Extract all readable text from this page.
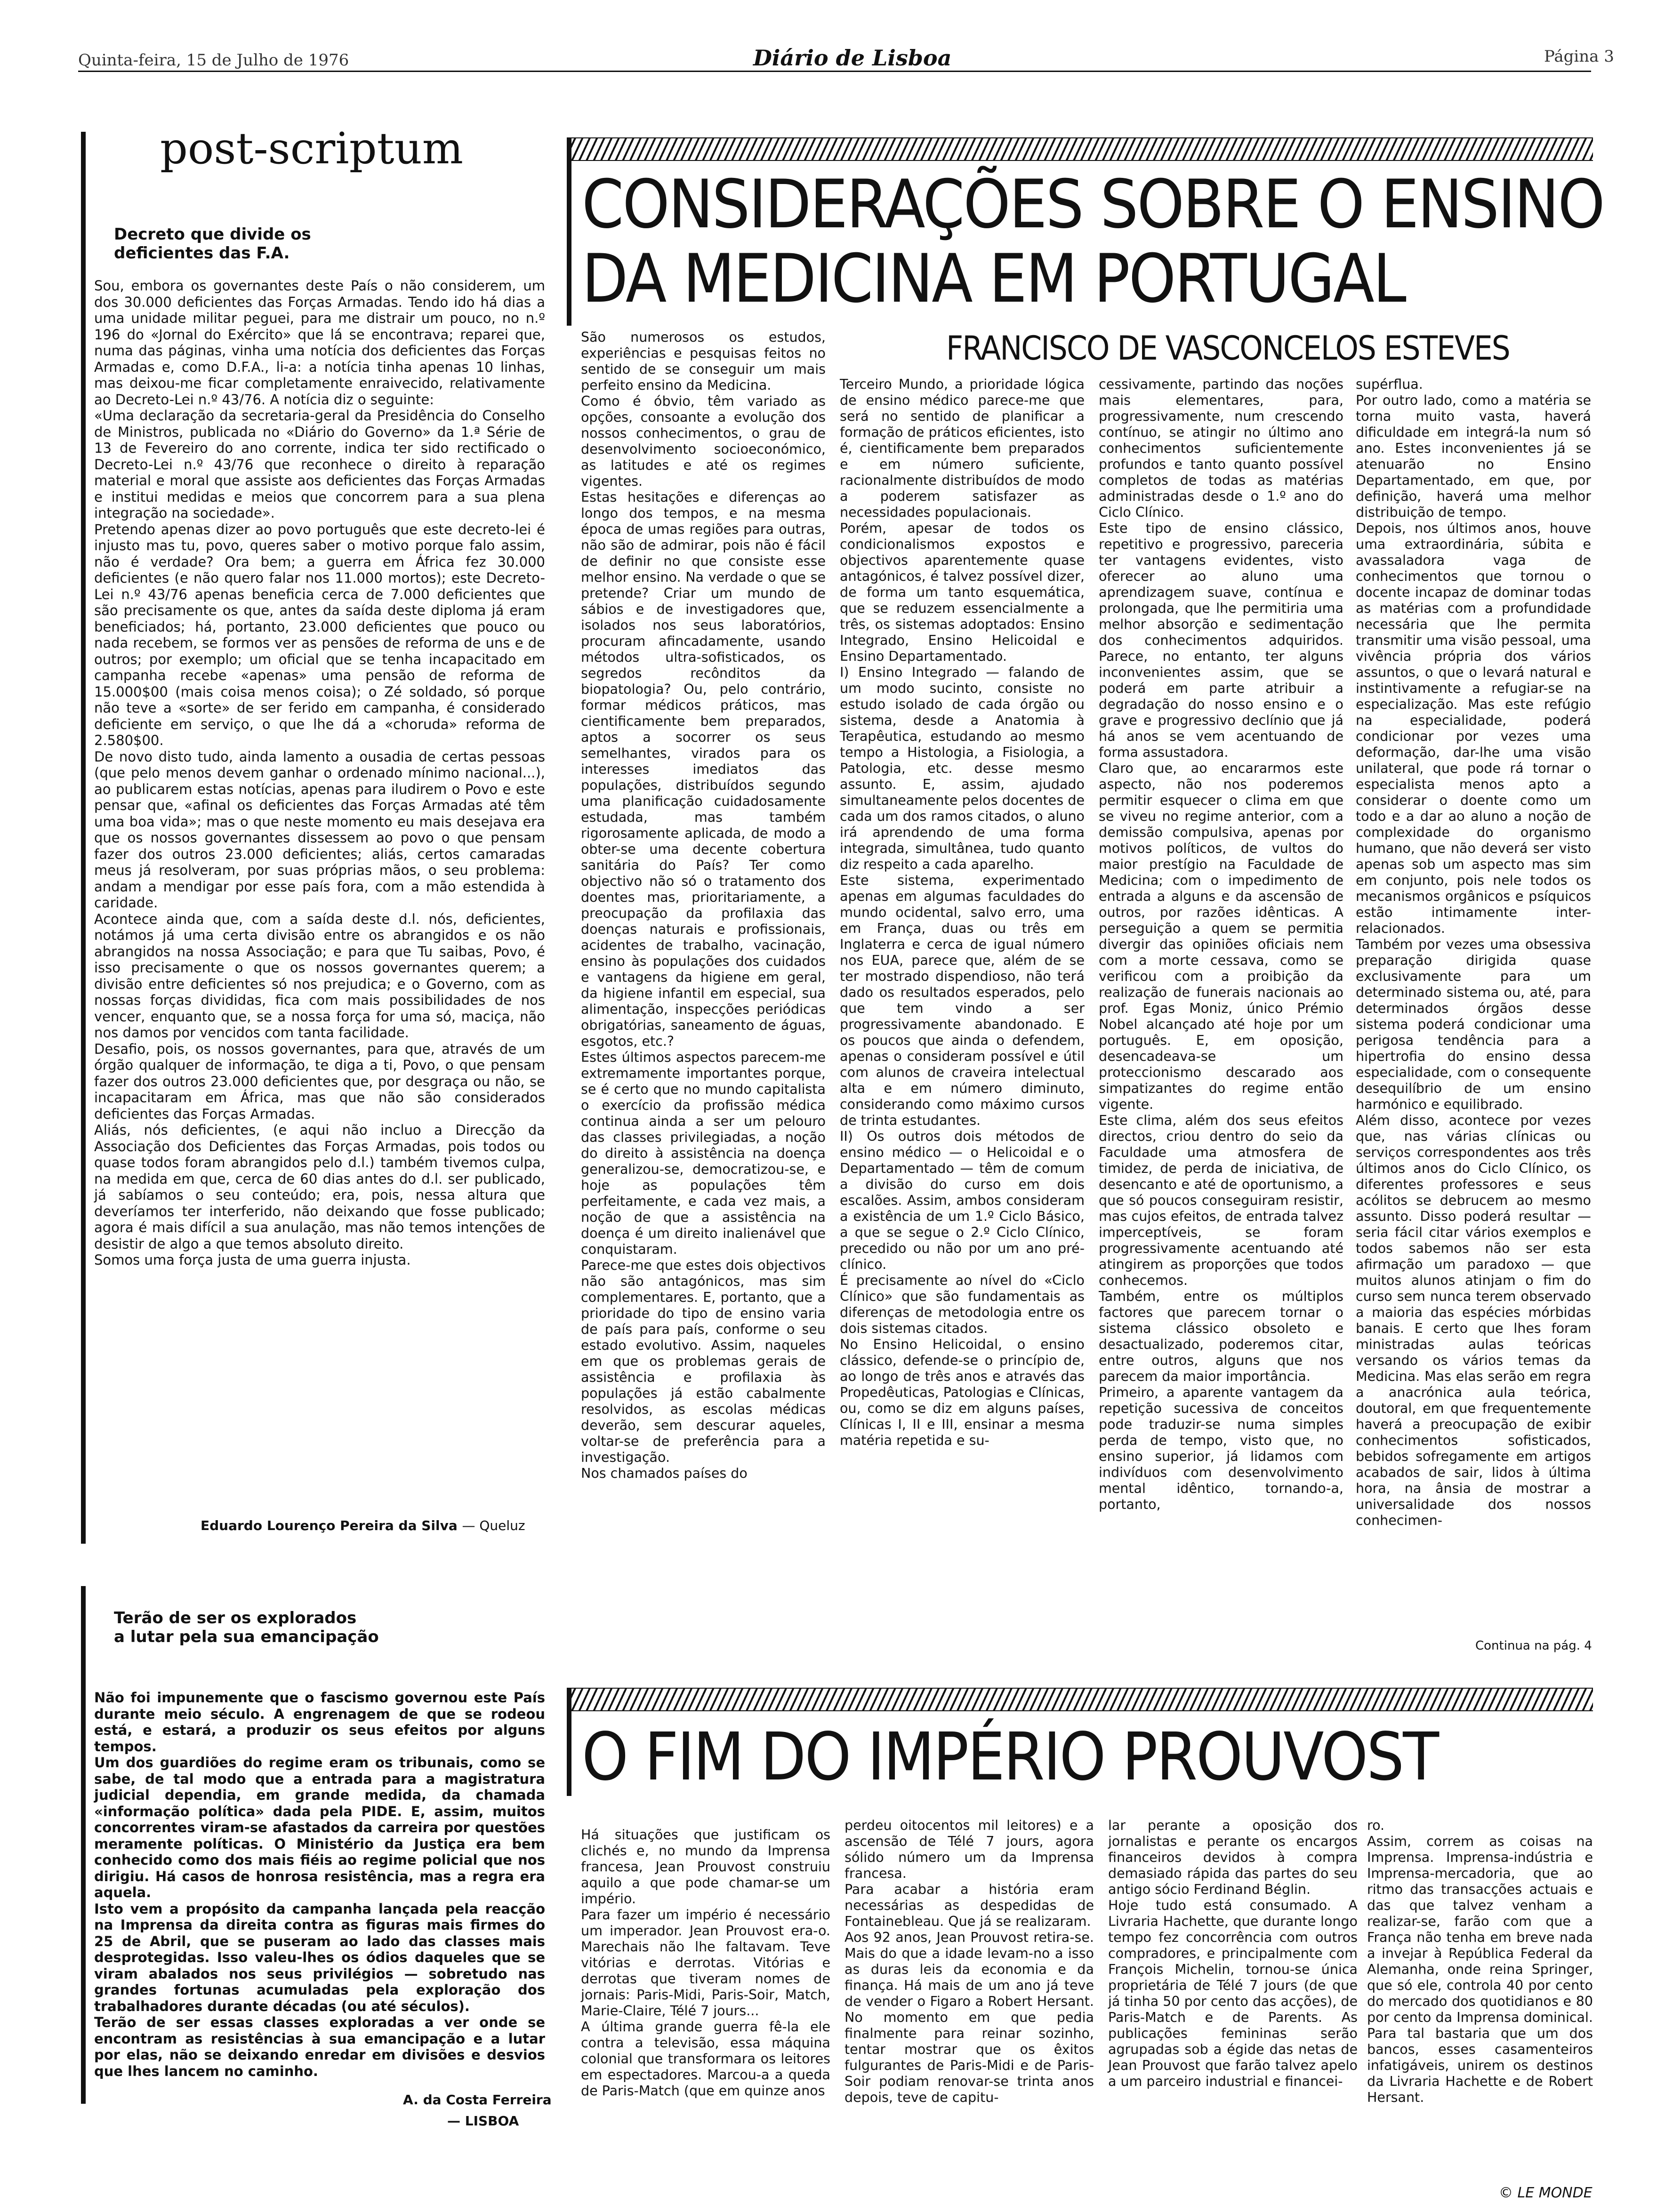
Quinta-feira, 15 de Julho de 1976	Diário de Lisboa	Página 3
post-scriptum
Decreto que divide os
deficientes das F.A.
Sou, embora os governantes deste País o não considerem, um dos 30.000 deficientes das Forças Armadas. Tendo ido há dias a uma unidade militar peguei, para me distrair um pouco, no n.º 196 do «Jornal do Exército» que lá se encontrava; reparei que, numa das páginas, vinha uma notícia dos deficientes das Forças Armadas e, como D.F.A., li-a: a notícia tinha apenas 10 linhas, mas deixou-me ficar completamente enraivecido, relativamente ao Decreto-Lei n.º 43/76. A notícia diz o seguinte:
«Uma declaração da secretaria-geral da Presidência do Conselho de Ministros, publicada no «Diário do Governo» da 1.ª Série de 13 de Fevereiro do ano corrente, indica ter sido rectificado o Decreto-Lei n.º 43/76 que reconhece o direito à reparação material e moral que assiste aos deficientes das Forças Armadas e institui medidas e meios que concorrem para a sua plena integração na sociedade».
Pretendo apenas dizer ao povo português que este decreto-lei é injusto mas tu, povo, queres saber o motivo porque falo assim, não é verdade? Ora bem; a guerra em África fez 30.000 deficientes (e não quero falar nos 11.000 mortos); este Decreto-Lei n.º 43/76 apenas beneficia cerca de 7.000 deficientes que são precisamente os que, antes da saída deste diploma já eram beneficiados; há, portanto, 23.000 deficientes que pouco ou nada recebem, se formos ver as pensões de reforma de uns e de outros; por exemplo; um oficial que se tenha incapacitado em campanha recebe «apenas» uma pensão de reforma de 15.000$00 (mais coisa menos coisa); o Zé soldado, só porque não teve a «sorte» de ser ferido em campanha, é considerado deficiente em serviço, o que lhe dá a «choruda» reforma de 2.580$00.
De novo disto tudo, ainda lamento a ousadia de certas pessoas (que pelo menos devem ganhar o ordenado mínimo nacional...), ao publicarem estas notícias, apenas para iludirem o Povo e este pensar que, «afinal os deficientes das Forças Armadas até têm uma boa vida»; mas o que neste momento eu mais desejava era que os nossos governantes dissessem ao povo o que pensam fazer dos outros 23.000 deficientes; aliás, certos camaradas meus já resolveram, por suas próprias mãos, o seu problema: andam a mendigar por esse país fora, com a mão estendida à caridade.
Acontece ainda que, com a saída deste d.l. nós, deficientes, notámos já uma certa divisão entre os abrangidos e os não abrangidos na nossa Associação; e para que Tu saibas, Povo, é isso precisamente o que os nossos governantes querem; a divisão entre deficientes só nos prejudica; e o Governo, com as nossas forças divididas, fica com mais possibilidades de nos vencer, enquanto que, se a nossa força for uma só, maciça, não nos damos por vencidos com tanta facilidade.
Desafio, pois, os nossos governantes, para que, através de um órgão qualquer de informação, te diga a ti, Povo, o que pensam fazer dos outros 23.000 deficientes que, por desgraça ou não, se incapacitaram em África, mas que não são considerados deficientes das Forças Armadas.
Aliás, nós deficientes, (e aqui não incluo a Direcção da Associação dos Deficientes das Forças Armadas, pois todos ou quase todos foram abrangidos pelo d.l.) também tivemos culpa, na medida em que, cerca de 60 dias antes do d.l. ser publicado, já sabíamos o seu conteúdo; era, pois, nessa altura que deveríamos ter interferido, não deixando que fosse publicado; agora é mais difícil a sua anulação, mas não temos intenções de desistir de algo a que temos absoluto direito.
Somos uma força justa de uma guerra injusta.
Eduardo Lourenço Pereira da Silva — Queluz
Terão de ser os explorados
a lutar pela sua emancipação
Não foi impunemente que o fascismo governou este País durante meio século. A engrenagem de que se rodeou está, e estará, a produzir os seus efeitos por alguns tempos.
Um dos guardiões do regime eram os tribunais, como se sabe, de tal modo que a entrada para a magistratura judicial dependia, em grande medida, da chamada «informação política» dada pela PIDE. E, assim, muitos concorrentes viram-se afastados da carreira por questões meramente políticas. O Ministério da Justiça era bem conhecido como dos mais fiéis ao regime policial que nos dirigiu. Há casos de honrosa resistência, mas a regra era aquela.
Isto vem a propósito da campanha lançada pela reacção na Imprensa da direita contra as figuras mais firmes do 25 de Abril, que se puseram ao lado das classes mais desprotegidas. Isso valeu-lhes os ódios daqueles que se viram abalados nos seus privilégios — sobretudo nas grandes fortunas acumuladas pela exploração dos trabalhadores durante décadas (ou até séculos).
Terão de ser essas classes exploradas a ver onde se encontram as resistências à sua emancipação e a lutar por elas, não se deixando enredar em divisões e desvios que lhes lancem no caminho.
A. da Costa Ferreira
— LISBOA
CONSIDERAÇÕES SOBRE O ENSINO
DA MEDICINA EM PORTUGAL
FRANCISCO DE VASCONCELOS ESTEVES
São numerosos os estudos, experiências e pesquisas feitos no sentido de se conseguir um mais perfeito ensino da Medicina.
Como é óbvio, têm variado as opções, consoante a evolução dos nossos conhecimentos, o grau de desenvolvimento socioeconómico, as latitudes e até os regimes vigentes.
Estas hesitações e diferenças ao longo dos tempos, e na mesma época de umas regiões para outras, não são de admirar, pois não é fácil de definir no que consiste esse melhor ensino. Na verdade o que se pretende? Criar um mundo de sábios e de investigadores que, isolados nos seus laboratórios, procuram afincadamente, usando métodos ultra-sofisticados, os segredos recônditos da biopatologia? Ou, pelo contrário, formar médicos práticos, mas cientificamente bem preparados, aptos a socorrer os seus semelhantes, virados para os interesses imediatos das populações, distribuídos segundo uma planificação cuidadosamente estudada, mas também rigorosamente aplicada, de modo a obter-se uma decente cobertura sanitária do País? Ter como objectivo não só o tratamento dos doentes mas, prioritariamente, a preocupação da profilaxia das doenças naturais e profissionais, acidentes de trabalho, vacinação, ensino às populações dos cuidados e vantagens da higiene em geral, da higiene infantil em especial, sua alimentação, inspecções periódicas obrigatórias, saneamento de águas, esgotos, etc.?
Estes últimos aspectos parecem-me extremamente importantes porque, se é certo que no mundo capitalista o exercício da profissão médica continua ainda a ser um pelouro das classes privilegiadas, a noção do direito à assistência na doença generalizou-se, democratizou-se, e hoje as populações têm perfeitamente, e cada vez mais, a noção de que a assistência na doença é um direito inalienável que conquistaram.
Parece-me que estes dois objectivos não são antagónicos, mas sim complementares. E, portanto, que a prioridade do tipo de ensino varia de país para país, conforme o seu estado evolutivo. Assim, naqueles em que os problemas gerais de assistência e profilaxia às populações já estão cabalmente resolvidos, as escolas médicas deverão, sem descurar aqueles, voltar-se de preferência para a investigação.
Nos chamados países do
Terceiro Mundo, a prioridade lógica de ensino médico parece-me que será no sentido de planificar a formação de práticos eficientes, isto é, cientificamente bem preparados e em número suficiente, racionalmente distribuídos de modo a poderem satisfazer as necessidades populacionais.
Porém, apesar de todos os condicionalismos expostos e objectivos aparentemente quase antagónicos, é talvez possível dizer, de forma um tanto esquemática, que se reduzem essencialmente a três, os sistemas adoptados: Ensino Integrado, Ensino Helicoidal e Ensino Departamentado.
I) Ensino Integrado — falando de um modo sucinto, consiste no estudo isolado de cada órgão ou sistema, desde a Anatomia à Terapêutica, estudando ao mesmo tempo a Histologia, a Fisiologia, a Patologia, etc. desse mesmo assunto. E, assim, ajudado simultaneamente pelos docentes de cada um dos ramos citados, o aluno irá aprendendo de uma forma integrada, simultânea, tudo quanto diz respeito a cada aparelho.
Este sistema, experimentado apenas em algumas faculdades do mundo ocidental, salvo erro, uma em França, duas ou três em Inglaterra e cerca de igual número nos EUA, parece que, além de se ter mostrado dispendioso, não terá dado os resultados esperados, pelo que tem vindo a ser progressivamente abandonado. E os poucos que ainda o defendem, apenas o consideram possível e útil com alunos de craveira intelectual alta e em número diminuto, considerando como máximo cursos de trinta estudantes.
II) Os outros dois métodos de ensino médico — o Helicoidal e o Departamentado — têm de comum a divisão do curso em dois escalões. Assim, ambos consideram a existência de um 1.º Ciclo Básico, a que se segue o 2.º Ciclo Clínico, precedido ou não por um ano pré-clínico.
É precisamente ao nível do «Ciclo Clínico» que são fundamentais as diferenças de metodologia entre os dois sistemas citados.
No Ensino Helicoidal, o ensino clássico, defende-se o princípio de, ao longo de três anos e através das Propedêuticas, Patologias e Clínicas, ou, como se diz em alguns países, Clínicas I, II e III, ensinar a mesma matéria repetida e su-
cessivamente, partindo das noções mais elementares, para, progressivamente, num crescendo contínuo, se atingir no último ano conhecimentos suficientemente profundos e tanto quanto possível completos de todas as matérias administradas desde o 1.º ano do Ciclo Clínico.
Este tipo de ensino clássico, repetitivo e progressivo, pareceria ter vantagens evidentes, visto oferecer ao aluno uma aprendizagem suave, contínua e prolongada, que lhe permitiria uma melhor absorção e sedimentação dos conhecimentos adquiridos. Parece, no entanto, ter alguns inconvenientes assim, que se poderá em parte atribuir a degradação do nosso ensino e o grave e progressivo declínio que já há anos se vem acentuando de forma assustadora.
Claro que, ao encararmos este aspecto, não nos poderemos permitir esquecer o clima em que se viveu no regime anterior, com a demissão compulsiva, apenas por motivos políticos, de vultos do maior prestígio na Faculdade de Medicina; com o impedimento de entrada a alguns e da ascensão de outros, por razões idênticas. A perseguição a quem se permitia divergir das opiniões oficiais nem com a morte cessava, como se verificou com a proibição da realização de funerais nacionais ao prof. Egas Moniz, único Prémio Nobel alcançado até hoje por um português. E, em oposição, desencadeava-se um proteccionismo descarado aos simpatizantes do regime então vigente.
Este clima, além dos seus efeitos directos, criou dentro do seio da Faculdade uma atmosfera de timidez, de perda de iniciativa, de desencanto e até de oportunismo, a que só poucos conseguiram resistir, mas cujos efeitos, de entrada talvez imperceptíveis, se foram progressivamente acentuando até atingirem as proporções que todos conhecemos.
Também, entre os múltiplos factores que parecem tornar o sistema clássico obsoleto e desactualizado, poderemos citar, entre outros, alguns que nos parecem da maior importância.
Primeiro, a aparente vantagem da repetição sucessiva de conceitos pode traduzir-se numa simples perda de tempo, visto que, no ensino superior, já lidamos com indivíduos com desenvolvimento mental idêntico, tornando-a, portanto,
supérflua.
Por outro lado, como a matéria se torna muito vasta, haverá dificuldade em integrá-la num só ano. Estes inconvenientes já se atenuarão no Ensino Departamentado, em que, por definição, haverá uma melhor distribuição de tempo.
Depois, nos últimos anos, houve uma extraordinária, súbita e avassaladora vaga de conhecimentos que tornou o docente incapaz de dominar todas as matérias com a profundidade necessária que lhe permita transmitir uma visão pessoal, uma vivência própria dos vários assuntos, o que o levará natural e instintivamente a refugiar-se na especialização. Mas este refúgio na especialidade, poderá condicionar por vezes uma deformação, dar-lhe uma visão unilateral, que pode rá tornar o especialista menos apto a considerar o doente como um todo e a dar ao aluno a noção de complexidade do organismo humano, que não deverá ser visto apenas sob um aspecto mas sim em conjunto, pois nele todos os mecanismos orgânicos e psíquicos estão intimamente inter-relacionados.
Também por vezes uma obsessiva preparação dirigida quase exclusivamente para um determinado sistema ou, até, para determinados órgãos desse sistema poderá condicionar uma perigosa tendência para a hipertrofia do ensino dessa especialidade, com o consequente desequilíbrio de um ensino harmónico e equilibrado.
Além disso, acontece por vezes que, nas várias clínicas ou serviços correspondentes aos três últimos anos do Ciclo Clínico, os diferentes professores e seus acólitos se debrucem ao mesmo assunto. Disso poderá resultar — seria fácil citar vários exemplos e todos sabemos não ser esta afirmação um paradoxo — que muitos alunos atinjam o fim do curso sem nunca terem observado a maioria das espécies mórbidas banais. E certo que lhes foram ministradas aulas teóricas versando os vários temas da Medicina. Mas elas serão em regra a anacrónica aula teórica, doutoral, em que frequentemente haverá a preocupação de exibir conhecimentos sofisticados, bebidos sofregamente em artigos acabados de sair, lidos à última hora, na ânsia de mostrar a universalidade dos nossos conhecimen-
Continua na pág. 4
O FIM DO IMPÉRIO PROUVOST
Há situações que justificam os clichés e, no mundo da Imprensa francesa, Jean Prouvost construiu aquilo a que pode chamar-se um império.
Para fazer um império é necessário um imperador. Jean Prouvost era-o. Marechais não lhe faltavam. Teve vitórias e derrotas. Vitórias e derrotas que tiveram nomes de jornais: Paris-Midi, Paris-Soir, Match, Marie-Claire, Télé 7 jours...
A última grande guerra fê-la ele contra a televisão, essa máquina colonial que transformara os leitores em espectadores. Marcou-a a queda de Paris-Match (que em quinze anos
perdeu oitocentos mil leitores) e a ascensão de Télé 7 jours, agora sólido número um da Imprensa francesa.
Para acabar a história eram necessárias as despedidas de Fontainebleau. Que já se realizaram.
Aos 92 anos, Jean Prouvost retira-se. Mais do que a idade levam-no a isso as duras leis da economia e da finança. Há mais de um ano já teve de vender o Figaro a Robert Hersant. No momento em que pedia finalmente para reinar sozinho, tentar mostrar que os êxitos fulgurantes de Paris-Midi e de Paris-Soir podiam renovar-se trinta anos depois, teve de capitu-
lar perante a oposição dos jornalistas e perante os encargos financeiros devidos à compra demasiado rápida das partes do seu antigo sócio Ferdinand Béglin.
Hoje tudo está consumado. A Livraria Hachette, que durante longo tempo fez concorrência com outros compradores, e principalmente com François Michelin, tornou-se única proprietária de Télé 7 jours (de que já tinha 50 por cento das acções), de Paris-Match e de Parents. As publicações femininas serão agrupadas sob a égide das netas de Jean Prouvost que farão talvez apelo a um parceiro industrial e financei-
ro.
Assim, correm as coisas na Imprensa. Imprensa-indústria e Imprensa-mercadoria, que ao ritmo das transacções actuais e das que talvez venham a realizar-se, farão com que a França não tenha em breve nada a invejar à República Federal da Alemanha, onde reina Springer, que só ele, controla 40 por cento do mercado dos quotidianos e 80 por cento da Imprensa dominical. Para tal bastaria que um dos bancos, esses casamenteiros infatigáveis, unirem os destinos da Livraria Hachette e de Robert Hersant.
© LE MONDE
